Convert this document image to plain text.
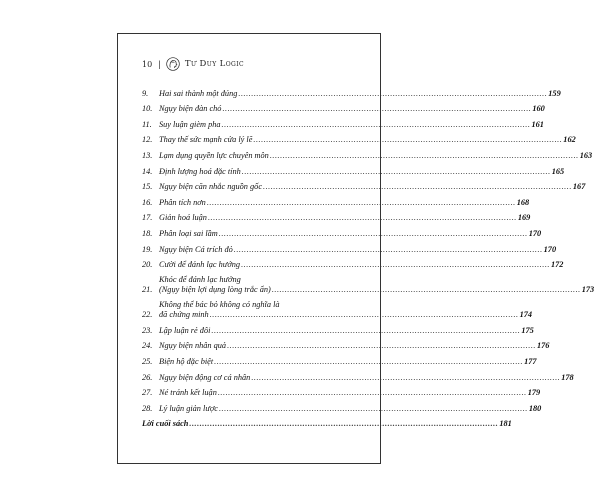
10 |	Tư Duy Logic
9.	Hai sai thành một đúng ........................................................................................................................ 159
10. Ngụy biện đàn chó ........................................................................................................................ 160
11. Suy luận gièm pha ........................................................................................................................ 161
12. Thay thế sức mạnh cửa lý lẽ ........................................................................................................................ 162
13. Lạm dụng quyền lực chuyên môn ........................................................................................................................ 163
14. Định lượng hoá đặc tính ........................................................................................................................ 165
15. Ngụy biện căn nhắc nguồn gốc ........................................................................................................................ 167
16. Phân tích nơn ........................................................................................................................ 168
17. Giản hoá luận ........................................................................................................................ 169
18. Phân loại sai lầm ........................................................................................................................ 170
19. Ngụy biện Cá trích đỏ ........................................................................................................................ 170
20. Cười để đánh lạc hướng ........................................................................................................................ 172
21.
Khóc để đánh lạc hướng
(Ngụy biện lợi dụng lòng trắc ẩn) ........................................................................................................................ 173
22.
Không thể bác bỏ không có nghĩa là
đã chứng minh ........................................................................................................................ 174
23. Lập luận rẻ đôi ........................................................................................................................ 175
24. Ngụy biện nhân quả ........................................................................................................................ 176
25. Biện hộ đặc biệt ........................................................................................................................ 177
26. Ngụy biện động cơ cá nhân ........................................................................................................................ 178
27. Né tránh kết luận ........................................................................................................................ 179
28. Lý luận giản lược ........................................................................................................................ 180
Lời cuối sách ........................................................................................................................ 181
